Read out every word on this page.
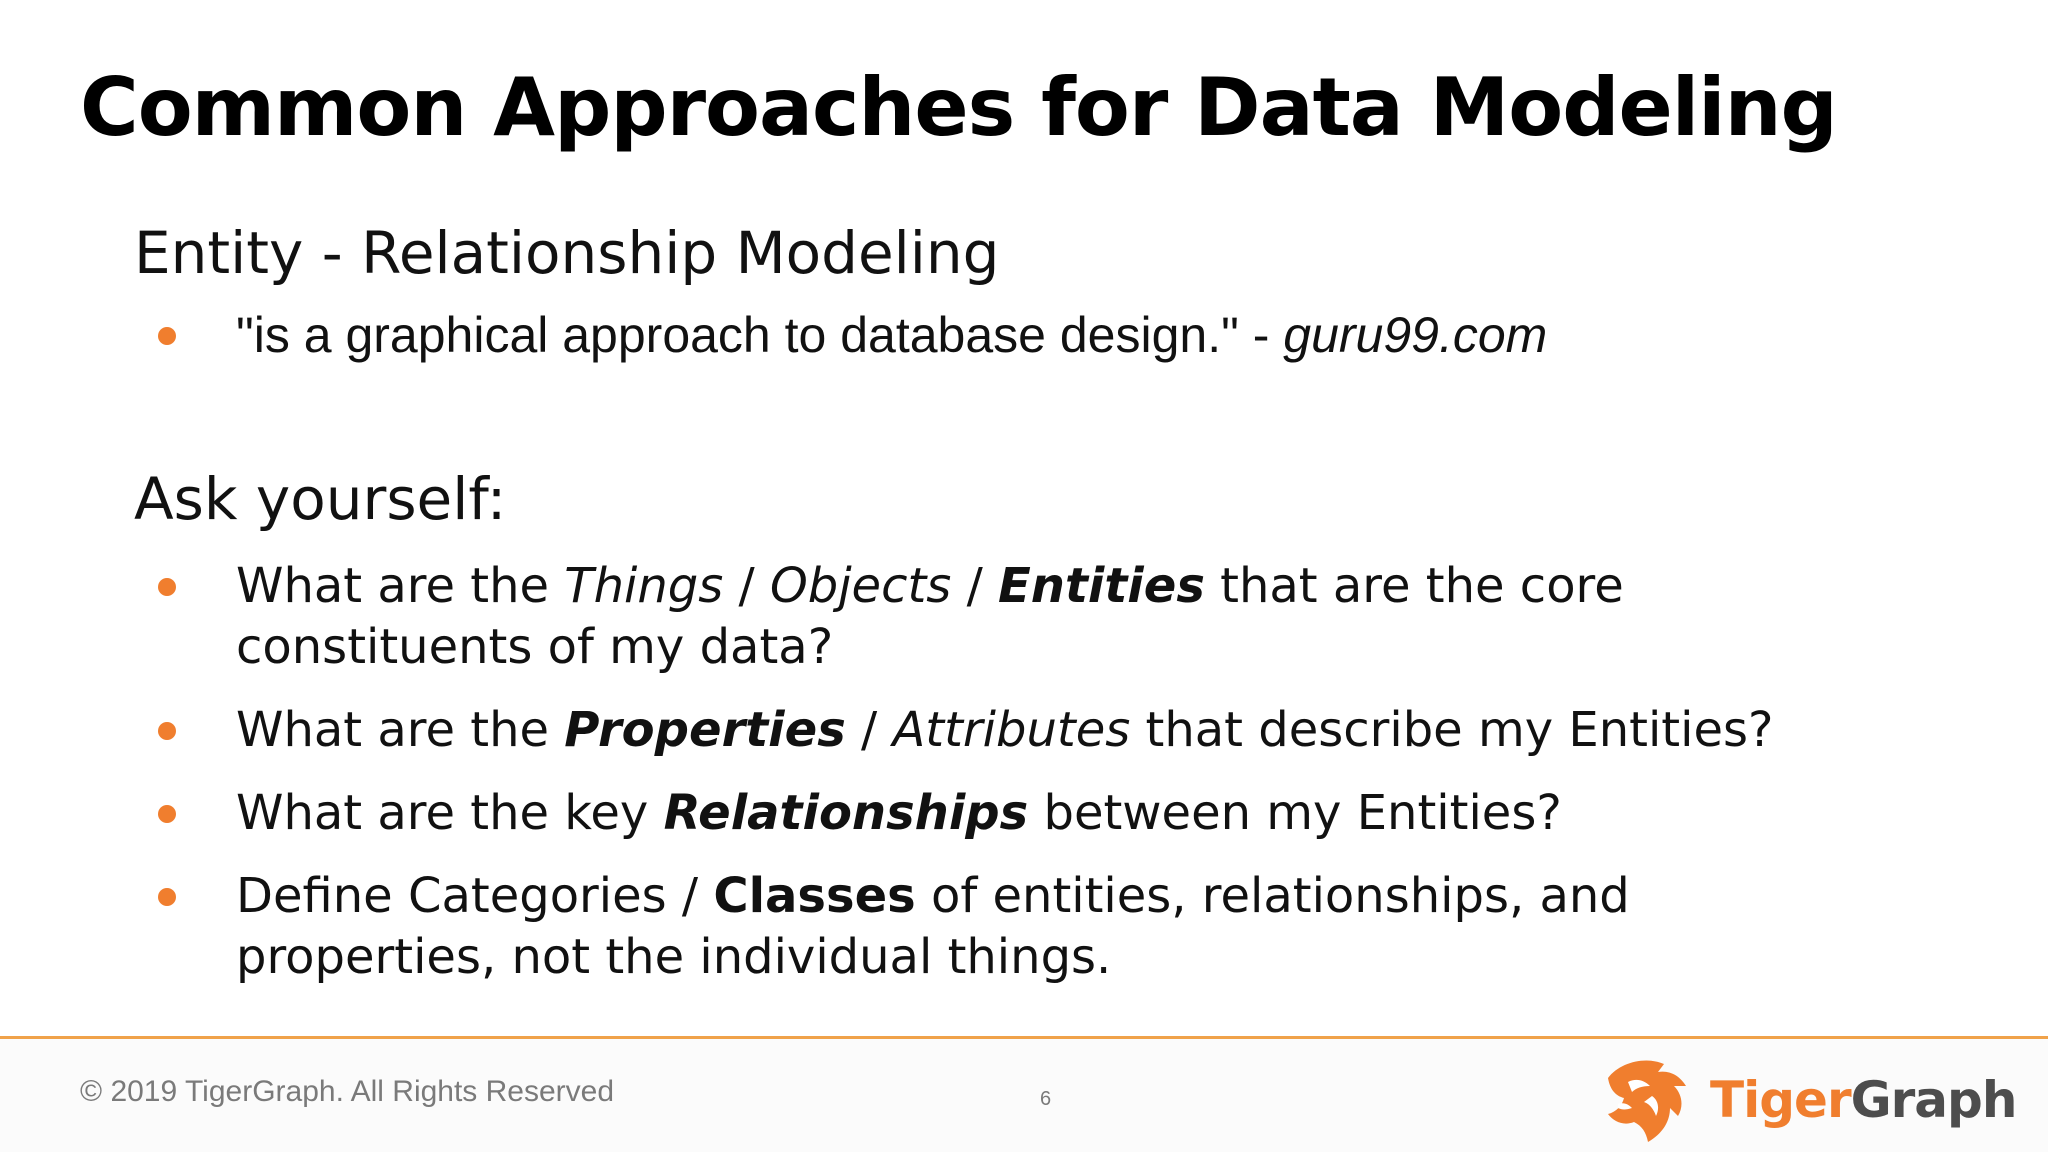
Common Approaches for Data Modeling
Entity - Relationship Modeling
"is a graphical approach to database design." - guru99.com
Ask yourself:
What are the Things / Objects / Entities that are the core constituents of my data?
What are the Properties / Attributes that describe my Entities?
What are the key Relationships between my Entities?
Define Categories / Classes of entities, relationships, and properties, not the individual things.
© 2019 TigerGraph. All Rights Reserved	6	TigerGraph
